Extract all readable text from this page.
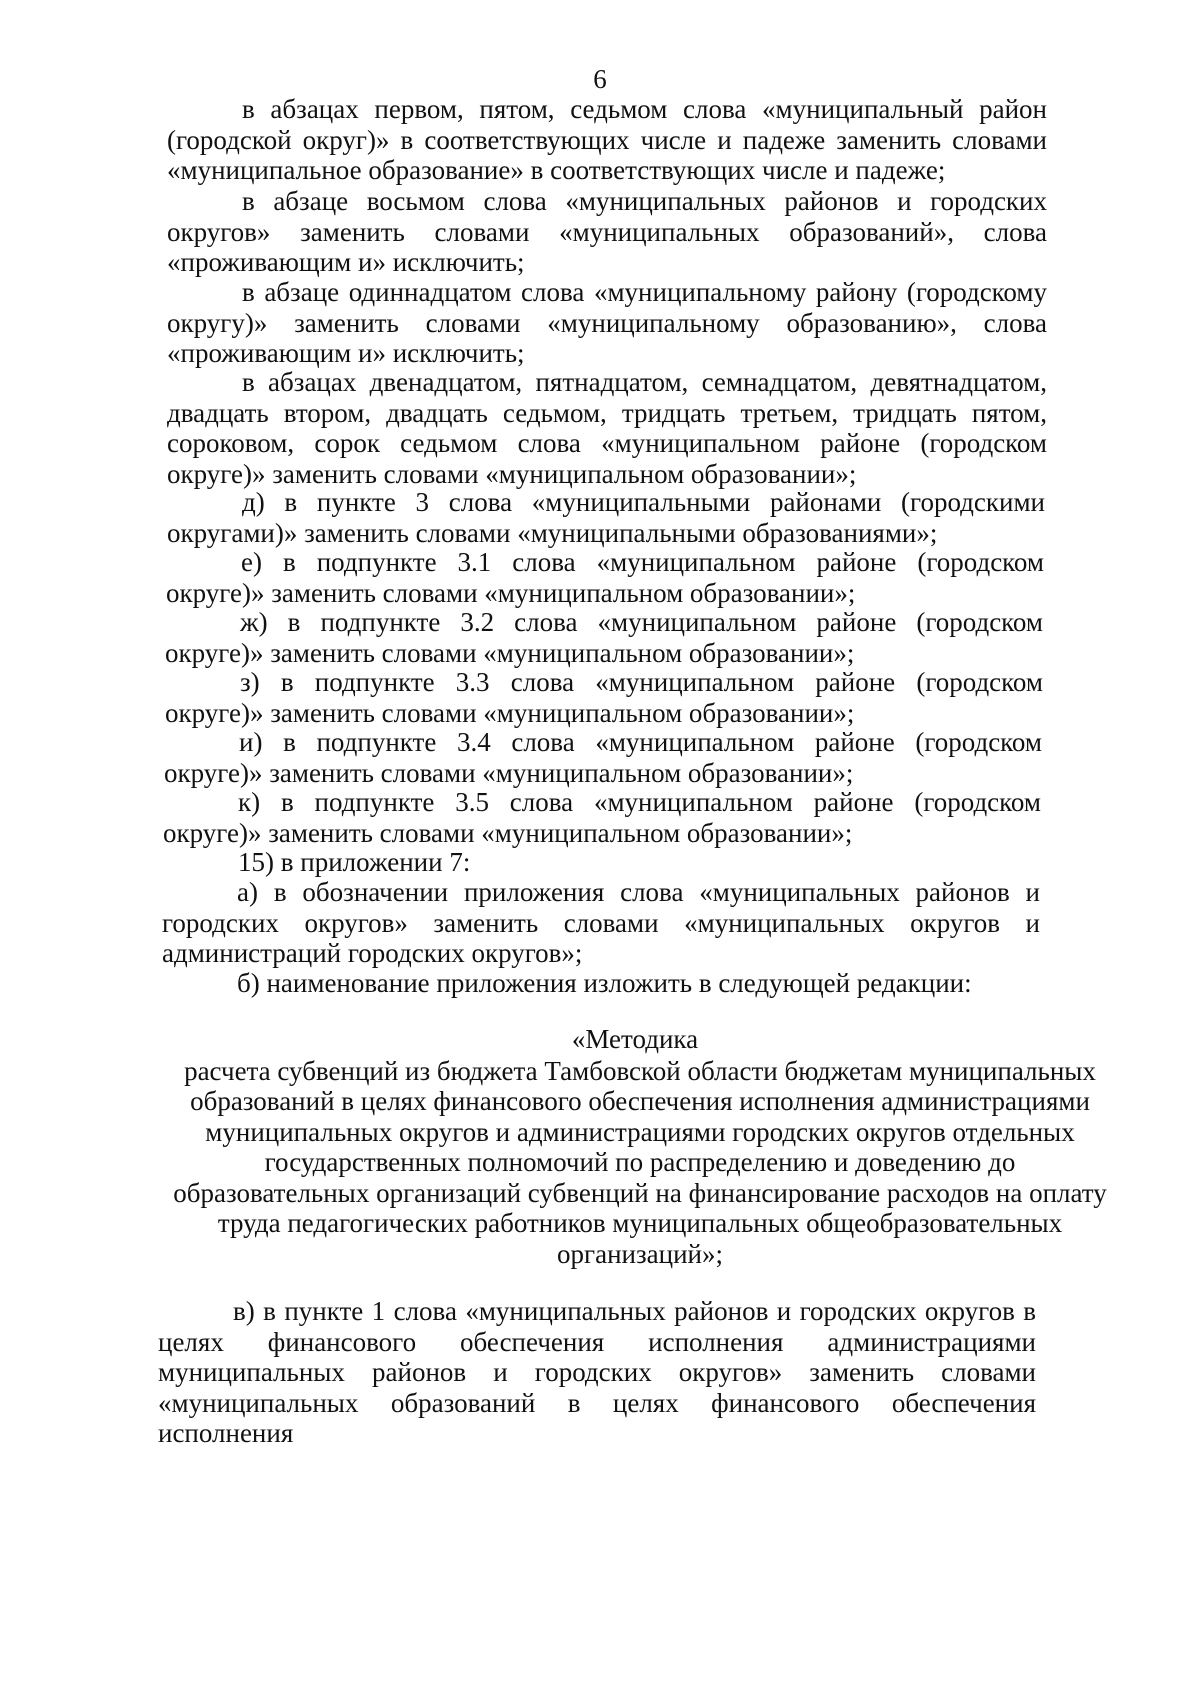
6

в абзацах первом, пятом, седьмом слова «муниципальный район (городской округ)» в соответствующих числе и падеже заменить словами «муниципальное образование» в соответствующих числе и падеже;

в абзаце восьмом слова «муниципальных районов и городских округов» заменить словами «муниципальных образований», слова «проживающим и» исключить;

в абзаце одиннадцатом слова «муниципальному району (городскому округу)» заменить словами «муниципальному образованию», слова «проживающим и» исключить;

в абзацах двенадцатом, пятнадцатом, семнадцатом, девятнадцатом, двадцать втором, двадцать седьмом, тридцать третьем, тридцать пятом, сороковом, сорок седьмом слова «муниципальном районе (городском округе)» заменить словами «муниципальном образовании»;

д) в пункте 3 слова «муниципальными районами (городскими округами)» заменить словами «муниципальными образованиями»;

е) в подпункте 3.1 слова «муниципальном районе (городском округе)» заменить словами «муниципальном образовании»;

ж) в подпункте 3.2 слова «муниципальном районе (городском округе)» заменить словами «муниципальном образовании»;

з) в подпункте 3.3 слова «муниципальном районе (городском округе)» заменить словами «муниципальном образовании»;

и) в подпункте 3.4 слова «муниципальном районе (городском округе)» заменить словами «муниципальном образовании»;

к) в подпункте 3.5 слова «муниципальном районе (городском округе)» заменить словами «муниципальном образовании»;

15) в приложении 7:

а) в обозначении приложения слова «муниципальных районов и городских округов» заменить словами «муниципальных округов и администраций городских округов»;

б) наименование приложения изложить в следующей редакции:

«Методика
расчета субвенций из бюджета Тамбовской области бюджетам муниципальных образований в целях финансового обеспечения исполнения администрациями муниципальных округов и администрациями городских округов отдельных государственных полномочий по распределению и доведению до образовательных организаций субвенций на финансирование расходов на оплату труда педагогических работников муниципальных общеобразовательных организаций»;

в) в пункте 1 слова «муниципальных районов и городских округов в целях финансового обеспечения исполнения администрациями муниципальных районов и городских округов» заменить словами «муниципальных образований в целях финансового обеспечения исполнения
